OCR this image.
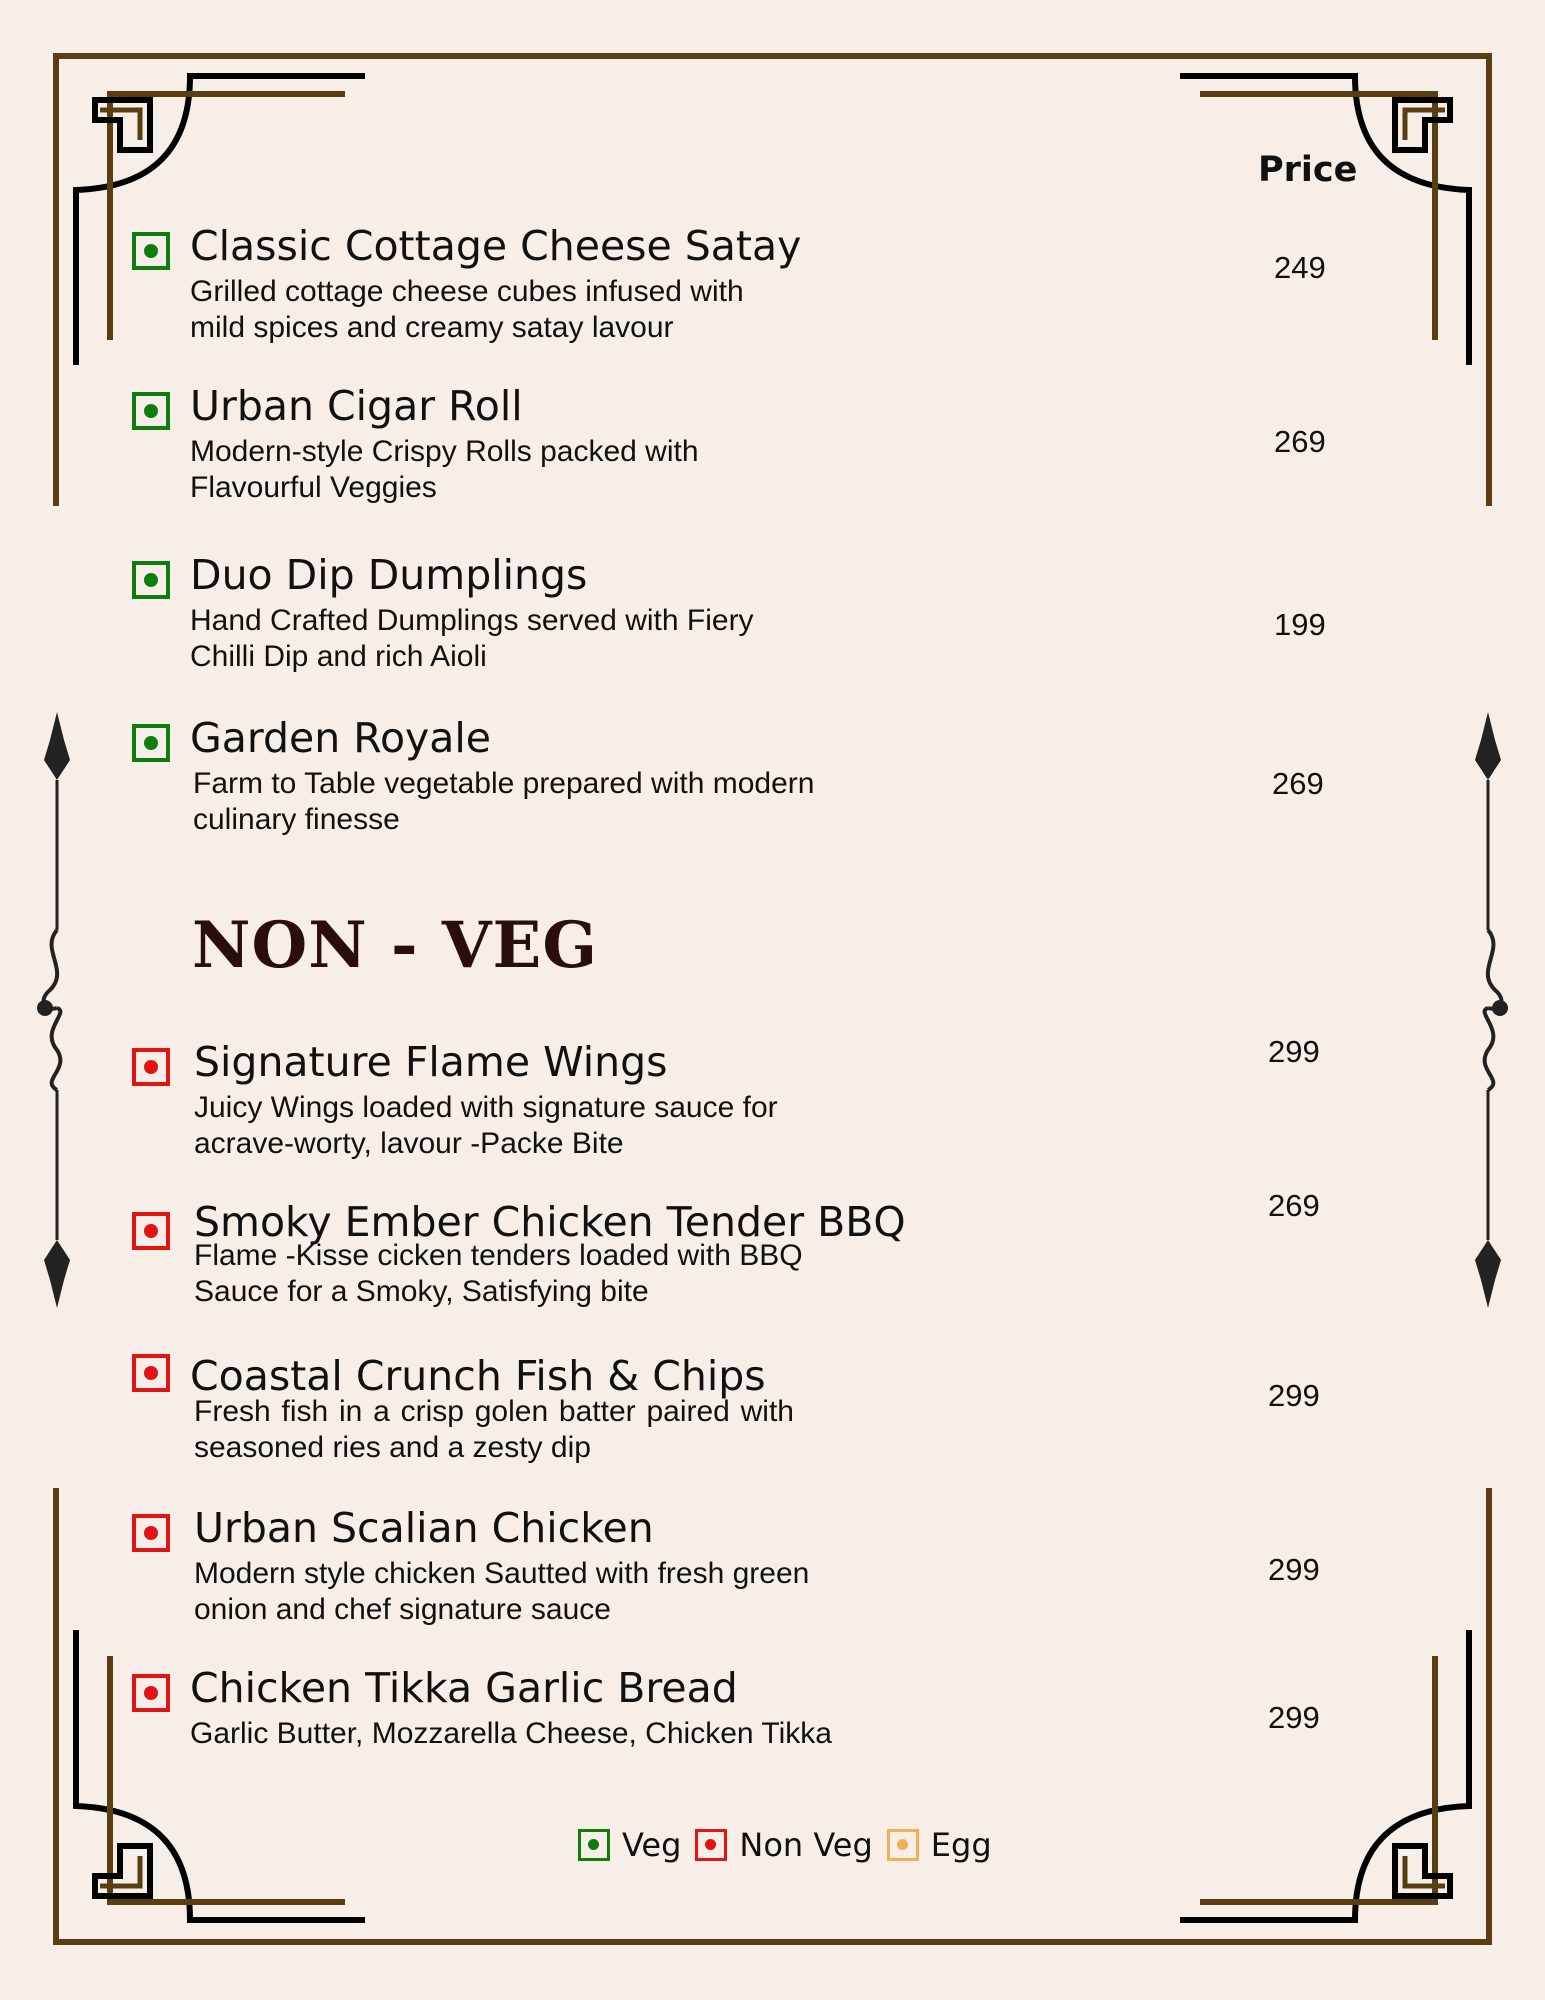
Price
Classic Cottage Cheese Satay
Grilled cottage cheese cubes infused with mild spices and creamy satay lavour
249
Urban Cigar Roll
Modern-style Crispy Rolls packed with Flavourful Veggies
269
Duo Dip Dumplings
Hand Crafted Dumplings served with Fiery Chilli Dip and rich Aioli
199
Garden Royale
Farm to Table vegetable prepared with modern culinary finesse
269
NON - VEG
Signature Flame Wings
Juicy Wings loaded with signature sauce for acrave-worty, lavour -Packe Bite
299
Smoky Ember Chicken Tender BBQ
Flame -Kisse cicken tenders loaded with BBQ Sauce for a Smoky, Satisfying bite
269
Coastal Crunch Fish & Chips
Fresh fish in a crisp golen batter paired with seasoned ries and a zesty dip
299
Urban Scalian Chicken
Modern style chicken Sautted with fresh green onion and chef signature sauce
299
Chicken Tikka Garlic Bread
Garlic Butter, Mozzarella Cheese, Chicken Tikka	299
Veg Non Veg Egg
